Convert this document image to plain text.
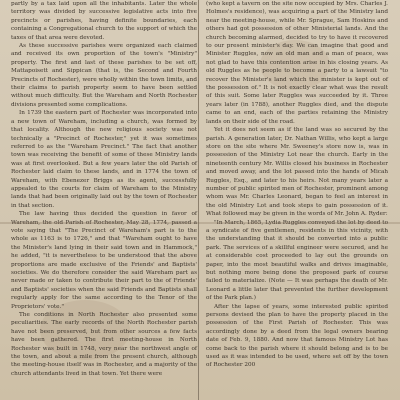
partly by a tax laid upon all the inhabitants. Later the whole territory was divided by successive legislative acts into five precincts or parishes, having definite boundaries, each containing a Congregational church to the support of which the taxes of that area were devoted.

As these successive parishes were organized each claimed and received its own proportion of the town's "Ministry" property. The first and last of these parishes to be set off, Mattapoisett and Sippican (that is, the Second and Fourth Precincts of Rochester), were wholly within the town limits, and their claims to parish property seem to have been settled without much difficulty. But the Wareham and North Rochester divisions presented some complications.

In 1739 the eastern part of Rochester was incorporated into a new town of Wareham, including a church, was formed by that locality. Although the new religious society was not technically a "Precinct of Rochester," yet it was sometimes referred to as the "Wareham Precinct." The fact that another town was receiving the benefit of some of these Ministry lands was at first overlooked. But a few years later the old Parish of Rochester laid claim to these lands, and in 1774 the town of Wareham, with Ebenezer Briggs as its agent, successfully appealed to the courts for claim of Wareham to the Ministry lands that had been originally laid out by the town of Rochester in that section.

The law having thus decided the question in favor of Wareham, the old Parish of Rochester, May 28, 1774, passed a vote saying that "The Precinct of Wareham's part is to the whole as 1163 is to 1726," and that "Wareham ought to have the Minister's land lying in their said town and in Hammock," he added, "it is nevertheless to be understood that the above proportions are made exclusive of the Friends' and Baptists' societies. We do therefore consider the said Wareham part as never made or taken to contribute their part to the of Friends' and Baptists' societies when the said Friends and Baptists shall regularly apply for the same according to the Tenor of the Proprietors' vote."

The conditions in North Rochester also presented some peculiarities. The early records of the North Rochester parish have not been preserved, but from other sources a few facts have been gathered. The first meeting-house in North Rochester was built in 1748, very near the northwest angle of the town, and about a mile from the present church, although the meeting-house itself was in Rochester, and a majority of the church attendants lived in that town. Yet there were

(who kept a tavern on the site now occupied by Mrs. Charles J. Holmes's residence), was acquiring a part of the Ministry land near the meeting-house, while Mr. Sprague, Sam Hoskins and others had got possession of other Ministerial lands. And the church becoming alarmed, decided to try to have it recovered to our present minister's day. We can imagine that good and Minister Ruggles, now an old man and a man of peace, was not glad to have this contention arise in his closing years. As old Ruggles as he people to become a party to a lawsuit "to recover the Minister's land which the minister is kept out of the possession of." It is not exactly clear what was the result of this suit. Some later Ruggles was succeeded by it. Three years later (in 1788), another Ruggles died, and the dispute came to an end, each of the parties retaining the Ministry lands on their side of the road.

Yet it does not seem as if the land was so secured by the parish. A generation later, Dr. Nathan Willis, who kept a large store on the site where Mr. Sweeney's store now is, was in possession of the Ministry Lot near the church. Early in the nineteenth century Mr. Willis closed his business in Rochester and moved away, and the lot passed into the hands of Micah Ruggles, Esq., and later to his heirs. Not many years later a number of public spirited men of Rochester, prominent among whom was Mr. Charles Leonard, began to feel an interest in the old Ministry Lot and took steps to gain possession of it. What followed may be given in the words of Mr. John A. Ryder:

"In March, 1865, Lydia Ruggles conveyed the lot by deed to a syndicate of five gentlemen, residents in this vicinity, with the understanding that it should be converted into a public park. The services of a skillful engineer were secured, and he at considerable cost proceeded to lay out the grounds on paper, into the most beautiful walks and drives imaginable, but nothing more being done the proposed park of course failed to materialize. (Note — It was perhaps the death of Mr. Leonard a little later that prevented the further development of the Park plan.)

After the lapse of years, some interested public spirited persons devised the plan to have the property placed in the possession of the First Parish of Rochester. This was accordingly done by a deed from the legal owners bearing date of Feb. 9, 1880. And now that famous Ministry Lot has come back to the parish where it should belong and is to be used as it was intended to be used, where set off by the town of Rochester 200
